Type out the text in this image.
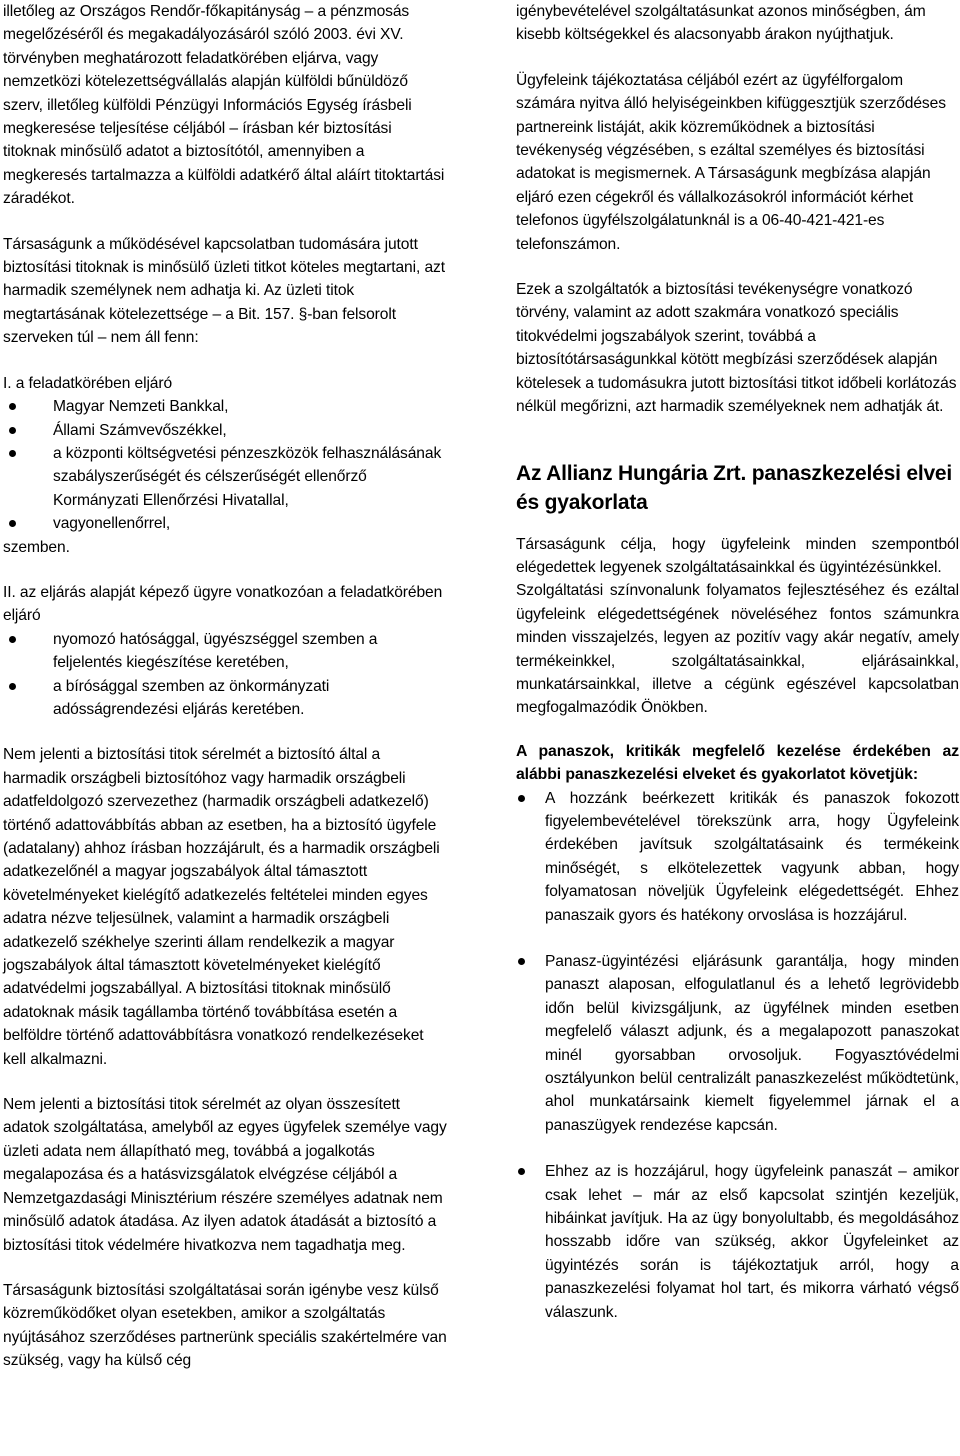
illetőleg az Országos Rendőr-főkapitányság – a pénzmosás megelőzéséről és megakadályozásáról szóló 2003. évi XV. törvényben meghatározott feladatkörében eljárva, vagy nemzetközi kötelezettségvállalás alapján külföldi bűnüldöző szerv, illetőleg külföldi Pénzügyi Információs Egység írásbeli megkeresése teljesítése céljából – írásban kér biztosítási titoknak minősülő adatot a biztosítótól, amennyiben a megkeresés tartalmazza a külföldi adatkérő által aláírt titoktartási záradékot.

Társaságunk a működésével kapcsolatban tudomására jutott biztosítási titoknak is minősülő üzleti titkot köteles megtartani, azt harmadik személynek nem adhatja ki. Az üzleti titok megtartásának kötelezettsége – a Bit. 157. §-ban felsorolt szerveken túl – nem áll fenn:

I. a feladatkörében eljáró

Magyar Nemzeti Bankkal,
Állami Számvevőszékkel,
a központi költségvetési pénzeszközök felhasználásának szabályszerűségét és célszerűségét ellenőrző Kormányzati Ellenőrzési Hivatallal,
vagyonellenőrrel,

szemben.

II. az eljárás alapját képező ügyre vonatkozóan a feladatkörében eljáró

nyomozó hatósággal, ügyészséggel szemben a feljelentés kiegészítése keretében,
a bírósággal szemben az önkormányzati adósságrendezési eljárás keretében.

Nem jelenti a biztosítási titok sérelmét a biztosító által a harmadik országbeli biztosítóhoz vagy harmadik országbeli adatfeldolgozó szervezethez (harmadik országbeli adatkezelő) történő adattovábbítás abban az esetben, ha a biztosító ügyfele (adatalany) ahhoz írásban hozzájárult, és a harmadik országbeli adatkezelőnél a magyar jogszabályok által támasztott követelményeket kielégítő adatkezelés feltételei minden egyes adatra nézve teljesülnek, valamint a harmadik országbeli adatkezelő székhelye szerinti állam rendelkezik a magyar jogszabályok által támasztott követelményeket kielégítő adatvédelmi jogszabállyal. A biztosítási titoknak minősülő adatoknak másik tagállamba történő továbbítása esetén a belföldre történő adattovábbításra vonatkozó rendelkezéseket kell alkalmazni.

Nem jelenti a biztosítási titok sérelmét az olyan összesített adatok szolgáltatása, amelyből az egyes ügyfelek személye vagy üzleti adata nem állapítható meg, továbbá a jogalkotás megalapozása és a hatásvizsgálatok elvégzése céljából a Nemzetgazdasági Minisztérium részére személyes adatnak nem minősülő adatok átadása. Az ilyen adatok átadását a biztosító a biztosítási titok védelmére hivatkozva nem tagadhatja meg.

Társaságunk biztosítási szolgáltatásai során igénybe vesz külső közreműködőket olyan esetekben, amikor a szolgáltatás nyújtásához szerződéses partnerünk speciális szakértelmére van szükség, vagy ha külső cég

igénybevételével szolgáltatásunkat azonos minőségben, ám kisebb költségekkel és alacsonyabb árakon nyújthatjuk.

Ügyfeleink tájékoztatása céljából ezért az ügyfélforgalom számára nyitva álló helyiségeinkben kifüggesztjük szerződéses partnereink listáját, akik közreműködnek a biztosítási tevékenység végzésében, s ezáltal személyes és biztosítási adatokat is megismernek. A Társaságunk megbízása alapján eljáró ezen cégekről és vállalkozásokról információt kérhet telefonos ügyfélszolgálatunknál is a 06-40-421-421-es telefonszámon.

Ezek a szolgáltatók a biztosítási tevékenységre vonatkozó törvény, valamint az adott szakmára vonatkozó speciális titokvédelmi jogszabályok szerint, továbbá a biztosítótársaságunkkal kötött megbízási szerződések alapján kötelesek a tudomásukra jutott biztosítási titkot időbeli korlátozás nélkül megőrizni, azt harmadik személyeknek nem adhatják át.

Az Allianz Hungária Zrt. panaszkezelési elvei és gyakorlata

Társaságunk célja, hogy ügyfeleink minden szempontból elégedettek legyenek szolgáltatásainkkal és ügyintézésünkkel.

Szolgáltatási színvonalunk folyamatos fejlesztéséhez és ezáltal ügyfeleink elégedettségének növeléséhez fontos számunkra minden visszajelzés, legyen az pozitív vagy akár negatív, amely termékeinkkel, szolgáltatásainkkal, eljárásainkkal, munkatársainkkal, illetve a cégünk egészével kapcsolatban megfogalmazódik Önökben.

A panaszok, kritikák megfelelő kezelése érdekében az alábbi panaszkezelési elveket és gyakorlatot követjük:

A hozzánk beérkezett kritikák és panaszok fokozott figyelembevételével törekszünk arra, hogy Ügyfeleink érdekében javítsuk szolgáltatásaink és termékeink minőségét, s elkötelezettek vagyunk abban, hogy folyamatosan növeljük Ügyfeleink elégedettségét. Ehhez panaszaik gyors és hatékony orvoslása is hozzájárul.
Panasz-ügyintézési eljárásunk garantálja, hogy minden panaszt alaposan, elfogulatlanul és a lehető legrövidebb időn belül kivizsgáljunk, az ügyfélnek minden esetben megfelelő választ adjunk, és a megalapozott panaszokat minél gyorsabban orvosoljuk. Fogyasztóvédelmi osztályunkon belül centralizált panaszkezelést működtetünk, ahol munkatársaink kiemelt figyelemmel járnak el a panaszügyek rendezése kapcsán.
Ehhez az is hozzájárul, hogy ügyfeleink panaszát – amikor csak lehet – már az első kapcsolat szintjén kezeljük, hibáinkat javítjuk. Ha az ügy bonyolultabb, és megoldásához hosszabb időre van szükség, akkor Ügyfeleinket az ügyintézés során is tájékoztatjuk arról, hogy a panaszkezelési folyamat hol tart, és mikorra várható végső válaszunk.
